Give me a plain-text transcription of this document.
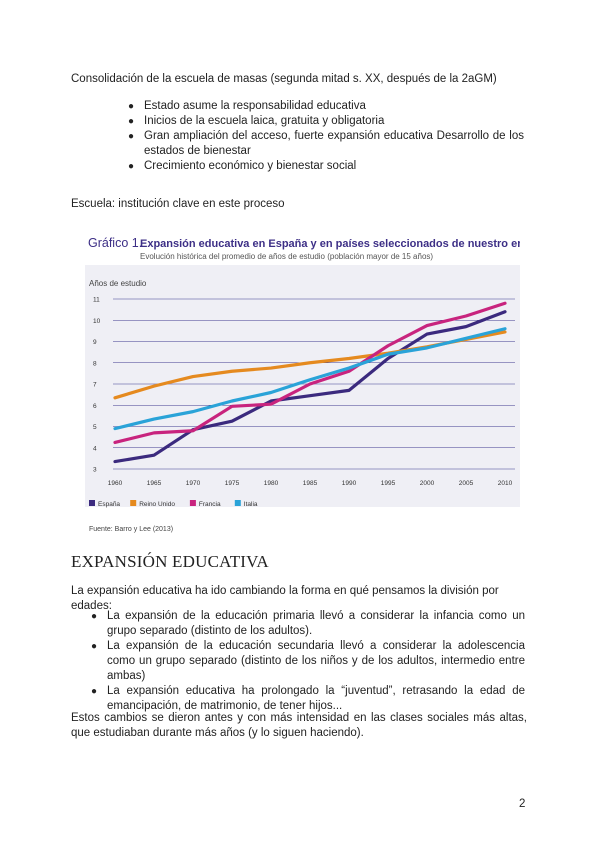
Consolidación de la escuela de masas (segunda mitad s. XX, después de la 2aGM)
● Estado asume la responsabilidad educativa
● Inicios de la escuela laica, gratuita y obligatoria
● Gran ampliación del acceso, fuerte expansión educativa Desarrollo de los estados de bienestar
● Crecimiento económico y bienestar social
Escuela: institución clave en este proceso
Gráfico 1.
Expansión educativa en España y en países seleccionados de nuestro entorno
Evolución histórica del promedio de años de estudio (población mayor de 15 años)
Años de estudio
3
4
5
6
7
8
9
10
11
1960	1965	1970	1975	1980	1985	1990	1995	2000	2005	2010
España	Reino Unido	Francia	Italia
Fuente: Barro y Lee (2013)
EXPANSIÓN EDUCATIVA
La expansión educativa ha ido cambiando la forma en qué pensamos la división por edades:
● La expansión de la educación primaria llevó a considerar la infancia como un grupo separado (distinto de los adultos).
● La expansión de la educación secundaria llevó a considerar la adolescencia como un grupo separado (distinto de los niños y de los adultos, intermedio entre ambas)
● La expansión educativa ha prolongado la “juventud”, retrasando la edad de emancipación, de matrimonio, de tener hijos...
Estos cambios se dieron antes y con más intensidad en las clases sociales más altas, que estudiaban durante más años (y lo siguen haciendo).
2
